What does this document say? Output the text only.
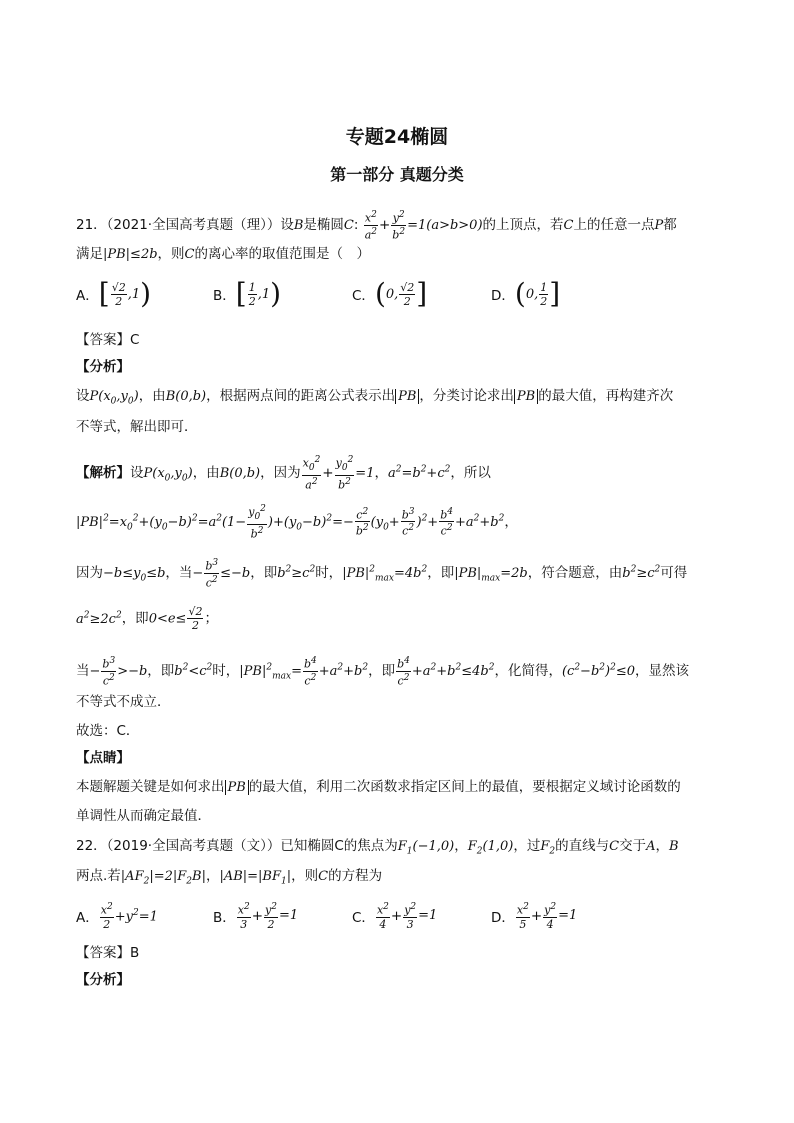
专题24椭圆
第一部分 真题分类
21．（2021·全国高考真题（理））设B是椭圆C: $\frac{x^2}{a^2} + \frac{y^2}{b^2} =1(a>b>0)$的上顶点，若C上的任意一点P都
满足|PB|≤2b，则C的离心率的取值范围是（　）
A． [ $\frac{√2}{2} ,1$ )	B． [ $\frac{1}{2} ,1$ )	C． ( 0, $\frac{√2}{2}$ ]	D． ( 0, $\frac{1}{2}$ ]
【答案】C
【分析】
设$P(x_0,y_0)$，由B(0,b)，根据两点间的距离公式表示出 PB ，分类讨论求出 PB 的最大值，再构建齐次
不等式，解出即可．
【解析】设$P(x_0,y_0)$，由B(0,b)，因为 $\frac{x_0^2}{a^2} + \frac{y_0^2}{b^2} =1$，$a^2=b^2+c^2$，所以
$|PB|^2=x_0^2+(y_0-b)^2=a^2(1- \frac{y_0^2}{b^2} )+(y_0-b)^2=- \frac{c^2}{b^2} (y_0+ \frac{b^3}{c^2} )^2+ \frac{b^4}{c^2} +a^2+b^2$，
因为$-b\le y_0\le b$，当− $\frac{b^3}{c^2} \le-b$，即$b^2\ge c^2$时，$|PB|^2_{max}=4b^2$，即$|PB|_{max}=2b$，符合题意，由$b^2\ge c^2$可得
$a^2\ge 2c^2$，即$0<e\le \frac{√2}{2}$ ；
当− $\frac{b^3}{c^2} >-b$，即$b^2<c^2$时，$|PB|^2_{max}= \frac{b^4}{c^2} +a^2+b^2$，即 $\frac{b^4}{c^2} +a^2+b^2\le 4b^2$，化简得，$(c^2-b^2)^2\le 0$，显然该
不等式不成立．
故选：C．
【点睛】
本题解题关键是如何求出 PB 的最大值，利用二次函数求指定区间上的最值，要根据定义域讨论函数的
单调性从而确定最值．
22．（2019·全国高考真题（文））已知椭圆C的焦点为$F_1(-1,0)$，$F_2(1,0)$，过$F_2$的直线与C交于A，B
两点.若$|AF_2|=2|F_2B|$，$|AB|=|BF_1|$，则C的方程为
A． $\frac{x^2}{2} +y^2=1$	B． $\frac{x^2}{3} + \frac{y^2}{2} =1$	C． $\frac{x^2}{4} + \frac{y^2}{3} =1$	D． $\frac{x^2}{5} + \frac{y^2}{4} =1$
【答案】B
【分析】
